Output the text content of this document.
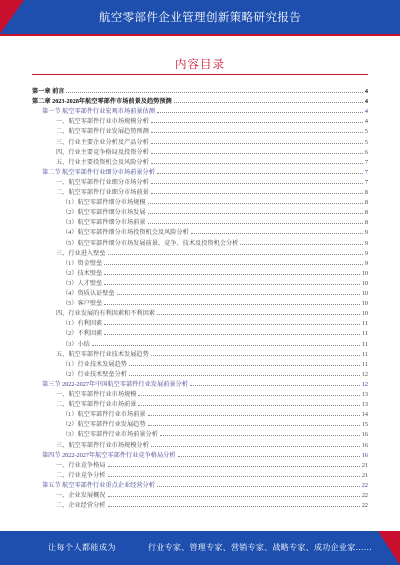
航空零部件企业管理创新策略研究报告
内容目录
第一章 前言	4
第二章 2023-2028年航空零部件市场前景及趋势预测	4
第一节 航空零部件行业宏观市场前景估测	4
一、航空零部件行业市场规模分析	4
二、航空零部件行业发展趋势预测	5
三、行业主要企业分析及产品分析	5
四、行业主要竞争格局及投资分析	6
五、行业主要投资机会及风险分析	7
第二节 航空零部件行业细分市场前景分析	7
一、航空零部件行业细分市场分析	7
二、航空零部件行业细分市场前景	8
（1）航空零部件细分市场规模	8
（2）航空零部件细分市场发展	8
（3）航空零部件细分市场前景	8
（4）航空零部件细分市场投资机会及风险分析	9
（5）航空零部件细分市场发展前景、竞争、技术及投资机会分析	9
三、行业进入壁垒	9
（1）资金壁垒	9
（2）技术壁垒	10
（3）人才壁垒	10
（4）资质认证壁垒	10
（5）客户壁垒	10
四、行业发展的有利因素和不利因素	10
（1）有利因素	11
（2）不利因素	11
（3）小结	11
五、航空零部件行业技术发展趋势	11
（1）行业技术发展趋势	11
（2）行业技术壁垒分析	12
第三节 2022-2027年中国航空零部件行业发展前景分析	12
一、航空零部件行业市场规模	13
二、航空零部件行业市场前景	13
（1）航空零部件行业市场前景	14
（2）航空零部件行业发展趋势	15
（3）航空零部件行业市场前景分析	16
三、航空零部件行业市场规模分析	16
第四节 2022-2027年航空零部件行业竞争格局分析	16
一、行业竞争格局	21
二、行业竞争分析	21
第五节 航空零部件行业重点企业经营分析	22
一、企业发展概况	22
二、企业经营分析	22
让每个人都能成为	行业专家、管理专家、营销专家、战略专家、成功企业家……
